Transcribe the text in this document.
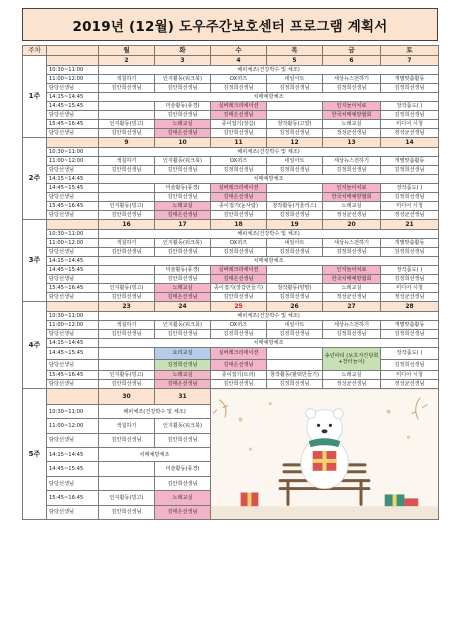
2019년 (12월) 도우주간보호센터 프로그램 계획서
주차		월	화	수	목	금	토
1주		2	3	4	5	6	7
	10:30~11:00	해피체조(건강박수 및 체조)					
	11:00~12:00	색칠하기	인지활동(워크북)	OX퀴즈	네일아트	세상뉴스전하기	개별맞춤활동
	담당선생님	김안희선생님	김안희선생님	김정희선생님	김정희선생님	김정희선생님	김정희선생님
	14:15~14:45	치매예방체조					
	14:45~15:45		미술활동(풍경)	실버레크리에이션		인지놀이치료	장작품도( )
	담당선생님		김안희선생님	김태은선생님		한국치매예방협회	김정희선생님
	15:45~16:45	인지활동(빙고)	노래교실	종이접기(장갑)	창작활동(고깔)	노래교실	미디어 시청
	담당선생님	김안희선생님	김태은선생님	김안희선생님	김정희선생님	정성균선생님	정성균선생님
2주		9	10	11	12	13	14
	10:30~11:00	해피체조(건강박수 및 체조)					
	11:00~12:00	색칠하기	인지활동(워크북)	OX퀴즈	네일아트	세상뉴스전하기	개별맞춤활동
	담당선생님	김안희선생님	김안희선생님	김정희선생님	김정희선생님	김정희선생님	김정희선생님
	14:15~14:45	치매예방체조					
	14:45~15:45		미술활동(풍경)	실버레크리에이션		인지놀이치료	장작품도( )
	담당선생님		김안희선생님	김태은선생님		한국치매예방협회	김정희선생님
	15:45~16:45	인지활동(빙고)	노래교실	종이접기(눈사람)	창작활동(겨울리스)	노래교실	미디어 시청
	담당선생님	김안희선생님	김태은선생님	김안희선생님	김정희선생님	정성균선생님	정성균선생님
3주		16	17	18	19	20	21
	10:30~11:00	해피체조(건강박수 및 체조)					
	11:00~12:00	색칠하기	인지활동(워크북)	OX퀴즈	네일아트	세상뉴스전하기	개별맞춤활동
	담당선생님	김안희선생님	김안희선생님	김정희선생님	김정희선생님	김정희선생님	김정희선생님
	14:15~14:45	치매예방체조					
	14:45~15:45		미술활동(풍경)	실버레크리에이션		인지놀이치료	장작품도( )
	담당선생님		김안희선생님	김태은선생님		한국치매예방협회	김정희선생님
	15:45~16:45	인지활동(빙고)	노래교실	종이접기(장갑만들기)	창작활동(양말)	노래교실	미디어 시청
	담당선생님	김안희선생님	김태은선생님	김안희선생님	김정희선생님	정성균선생님	정성균선생님
4주		23	24	25	26	27	28
	10:30~11:00	해피체조(건강박수 및 체조)					
	11:00~12:00	색칠하기	인지활동(워크북)	OX퀴즈	네일아트	세상뉴스전하기	개별맞춤활동
	담당선생님	김안희선생님	김안희선생님	김정희선생님	김정희선생님	김정희선생님	김정희선생님
	14:15~14:45	치매예방체조					
	14:45~15:45		요리교실	실버레크리에이션		송년파티 (보호자간담회 +장터놀이)	장작품도( )
	담당선생님		김정희선생님	김태은선생님			김정희선생님
	15:45~16:45	인지활동(빙고)	노래교실	종이접기(트리)	창작활동(팥떡만들기)	노래교실	미디어 시청
	담당선생님	김안희선생님	김태은선생님	김안희선생님	김정희선생님	정성균선생님	정성균선생님
5주		30	31	

	10:30~11:00	해피체조(건강박수 및 체조)					
	11:00~12:00	색칠하기	인지활동(워크북)				
	담당선생님	김안희선생님	김안희선생님				
	14:15~14:45	치매예방체조					
	14:45~15:45		미술활동(풍경)				
	담당선생님		김안희선생님				
	15:45~16:45	인지활동(빙고)	노래교실				
	담당선생님	김안희선생님	김태은선생님				
